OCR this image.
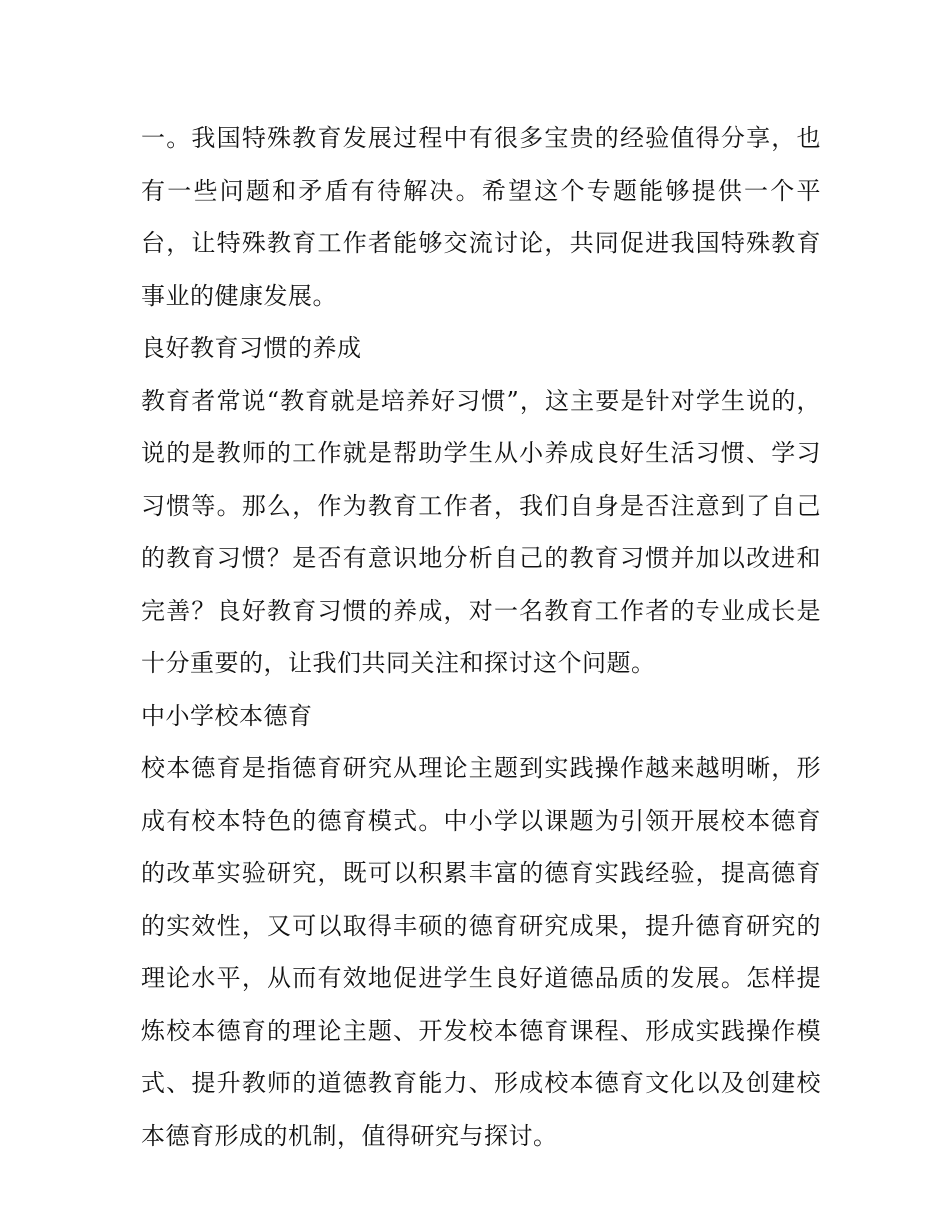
一。我国特殊教育发展过程中有很多宝贵的经验值得分享，也有一些问题和矛盾有待解决。希望这个专题能够提供一个平台，让特殊教育工作者能够交流讨论，共同促进我国特殊教育事业的健康发展。

良好教育习惯的养成

教育者常说“教育就是培养好习惯”，这主要是针对学生说的，说的是教师的工作就是帮助学生从小养成良好生活习惯、学习习惯等。那么，作为教育工作者，我们自身是否注意到了自己的教育习惯？是否有意识地分析自己的教育习惯并加以改进和完善？良好教育习惯的养成，对一名教育工作者的专业成长是十分重要的，让我们共同关注和探讨这个问题。

中小学校本德育

校本德育是指德育研究从理论主题到实践操作越来越明晰，形成有校本特色的德育模式。中小学以课题为引领开展校本德育的改革实验研究，既可以积累丰富的德育实践经验，提高德育的实效性，又可以取得丰硕的德育研究成果，提升德育研究的理论水平，从而有效地促进学生良好道德品质的发展。怎样提炼校本德育的理论主题、开发校本德育课程、形成实践操作模式、提升教师的道德教育能力、形成校本德育文化以及创建校本德育形成的机制，值得研究与探讨。
